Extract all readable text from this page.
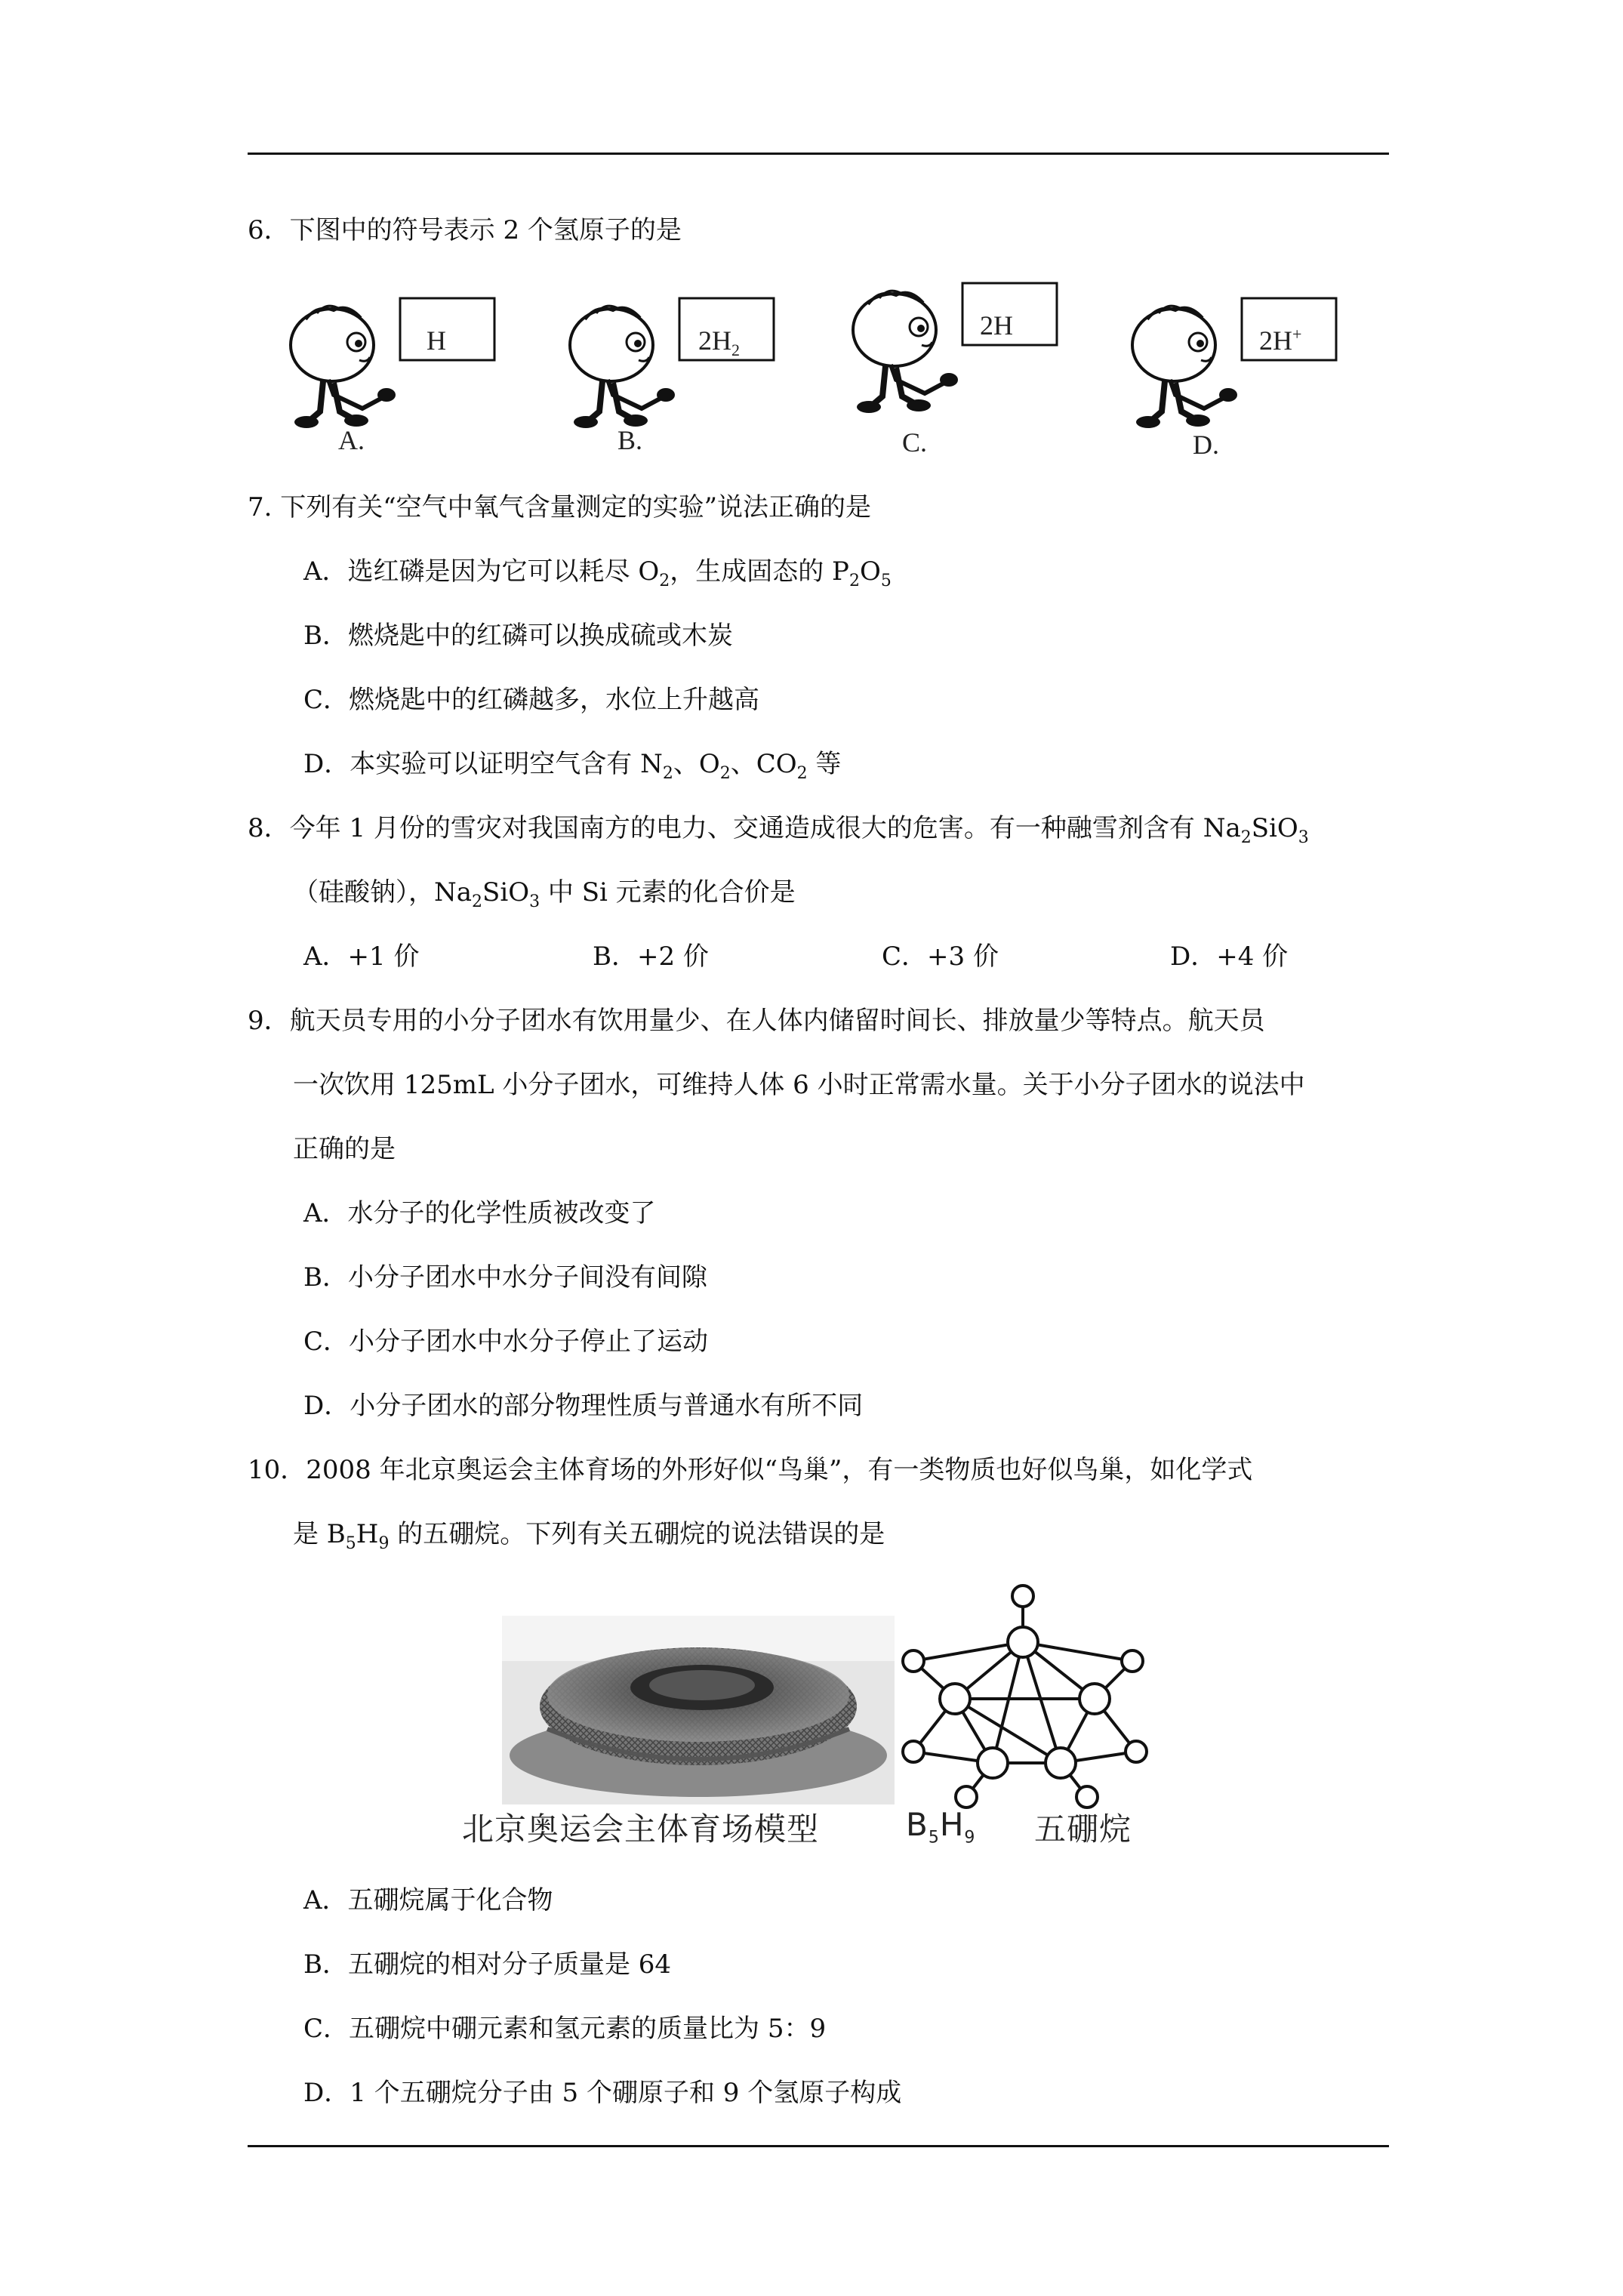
6．下图中的符号表示 2 个氢原子的是
H	$2H_2$
2H	2H+
A.	B.	C.	D.
7. 下列有关“空气中氧气含量测定的实验”说法正确的是
A．选红磷是因为它可以耗尽 $O_2$，生成固态的 $P_2O_5$
B．燃烧匙中的红磷可以换成硫或木炭
C．燃烧匙中的红磷越多，水位上升越高
D．本实验可以证明空气含有 $N_2$、$O_2$、$CO_2$ 等
8．今年 1 月份的雪灾对我国南方的电力、交通造成很大的危害。有一种融雪剂含有 $Na_2SiO_3$
（硅酸钠），$Na_2SiO_3$ 中 Si 元素的化合价是
A．+1 价	B．+2 价	C．+3 价	D．+4 价
9．航天员专用的小分子团水有饮用量少、在人体内储留时间长、排放量少等特点。航天员
一次饮用 125mL 小分子团水，可维持人体 6 小时正常需水量。关于小分子团水的说法中
正确的是
A．水分子的化学性质被改变了
B．小分子团水中水分子间没有间隙
C．小分子团水中水分子停止了运动
D．小分子团水的部分物理性质与普通水有所不同
10．2008 年北京奥运会主体育场的外形好似“鸟巢”，有一类物质也好似鸟巢，如化学式
是 $B_5H_9$ 的五硼烷。下列有关五硼烷的说法错误的是
北京奥运会主体育场模型	$B_5H_9$ 五硼烷
A．五硼烷属于化合物
B．五硼烷的相对分子质量是 64
C．五硼烷中硼元素和氢元素的质量比为 5：9
D．1 个五硼烷分子由 5 个硼原子和 9 个氢原子构成
